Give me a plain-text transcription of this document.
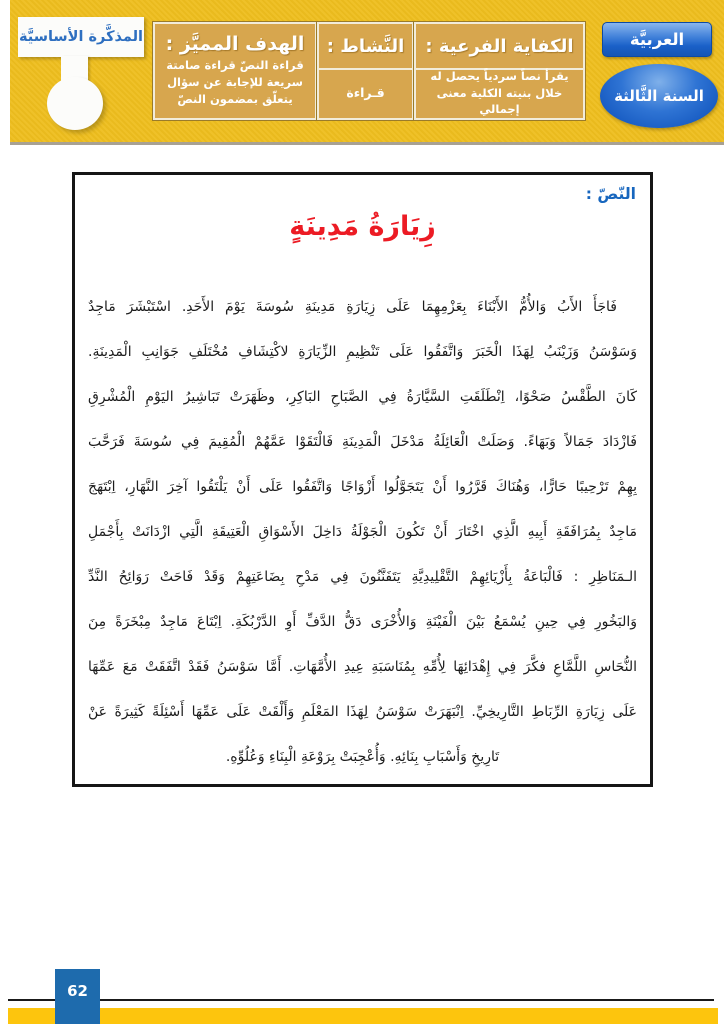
المذكَّرة الأساسيَّة	الهدف المميَّز :
قراءة النصّ قراءة صامتة سريعة للإجابة عن سؤال يتعلّق بمضمون النصّ
النَّشاط :
قـراءة
الكفاية الفرعية :
يقرأ نصاً سردياً يحصل له خلال بنيته الكلية معنى إجمالي
العربيَّة
السنة الثَّالثة
النّصّ :
زِيَارَةُ مَدِينَةٍ
فَاجَأَ الأَبُ وَالأُمُّ الأَبْنَاءَ بِعَزْمِهِمَا عَلَى زِيَارَةِ مَدِينَةِ سُوسَةَ يَوْمَ الأَحَدِ. اسْتَبْشَرَ مَاجِدٌ
وَسَوْسَنُ وَزَيْنَبُ لِهَذَا الْخَبَرَ وَاتَّفَقُوا عَلَى تَنْظِيمِ الزِّيَارَةِ لاكْتِشَافِ مُخْتَلَفِ جَوَانِبِ الْمَدِينَةِ.
كَانَ الطَّقْسُ صَحْوًا، اِنْطَلَقَتِ السَّيَّارَةُ فِي الصَّبَاحِ البَاكِرِ، وظَهَرَتْ تَبَاشِيرُ اليَوْمِ الْمُشْرِقِ
فَازْدَادَ جَمَالاً وَبَهَاءً. وَصَلَتْ الْعَائِلَةُ مَدْخَلَ الْمَدِينَةِ فَالْتَقَوْا عَمَّهُمْ الْمُقِيمَ فِي سُوسَةَ فَرَحَّبَ
بِهِمْ تَرْحِيبًا حَارًّا، وَهُنَاكَ قَرَّرُوا أَنْ يَتَجَوَّلُوا أَزْوَاجًا وَاتَّفَقُوا عَلَى أَنْ يَلْتَقُوا آخِرَ النَّهَارِ، اِبْتَهَجَ
مَاجِدٌ بِمُرَافَقَةِ أَبِيهِ الَّذِي اخْتَارَ أَنْ تَكُونَ الْجَوْلَةُ دَاخِلَ الأَسْوَاقِ الْعَتِيقَةِ الَّتِي ازْدَانَتْ بِأَجْمَلِ
الـمَنَاظِرِ : فَالْبَاعَةُ بِأَزْيَائِهِمْ التَّقْلِيدِيَّةِ يَتَفَنَّنُونَ فِي مَدْحِ بِضَاعَتِهِمْ وَقَدْ فَاحَتْ رَوَائِحُ النَّدِّ
وَالبَخُورِ فِي حِينِ يُسْمَعُ بَيْنَ الْفَيْنَةِ وَالأُخْرَى دَقُّ الدَّفِّ أَوِ الدَّرْبُكَةِ. اِبْتَاعَ مَاجِدٌ مِبْخَرَةً مِنَ
النُّحَاسِ اللَّمَّاعِ فكَّرَ فِي إِهْدَائِهَا لِأُمِّهِ بِمُنَاسَبَةِ عِيدِ الأُمَّهَاتِ. أَمَّا سَوْسَنُ فَقَدْ اتَّفَقَتْ مَعَ عَمِّهَا
عَلَى زِيَارَةِ الرِّبَاطِ التَّارِيخِيِّ. اِنْبَهَرَتْ سَوْسَنُ لِهَذَا المَعْلَمِ وَأَلْقَتْ عَلَى عَمِّهَا أَسْئِلَةً كَثِيرَةً عَنْ
تَارِيخِ وَأَسْبَابِ بِنَائِهِ. وَأُعْجِبَتْ بِرَوْعَةِ الْبِنَاءِ وَعُلُوِّهِ.
62
